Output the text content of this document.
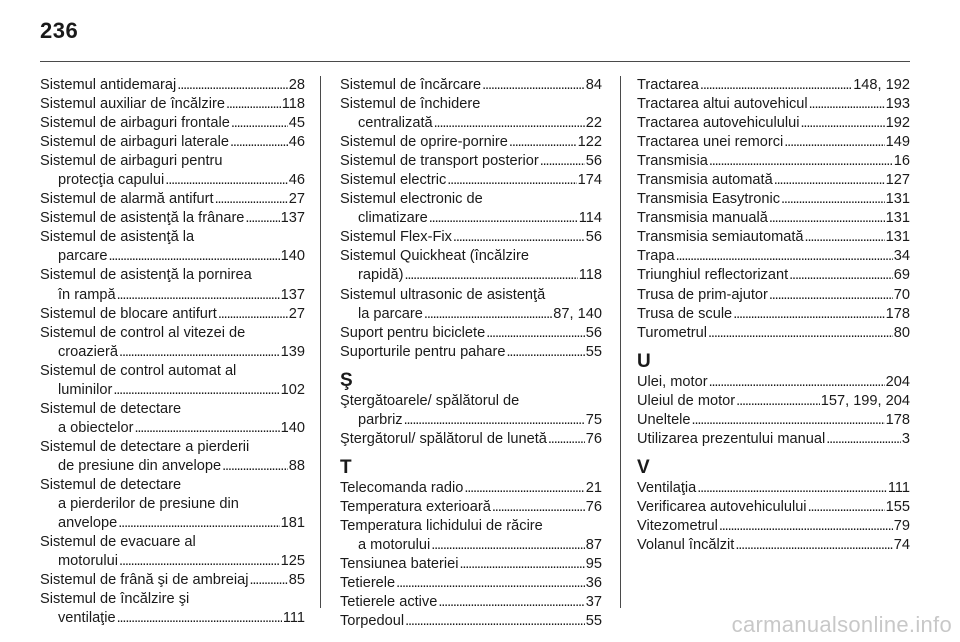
236
Sistemul antidemaraj . . .	28
Sistemul auxiliar de încălzire . . .	118
Sistemul de airbaguri frontale . . .	45
Sistemul de airbaguri laterale . . .	46
Sistemul de airbaguri pentru
protecţia capului . . .	46
Sistemul de alarmă antifurt . . .	27
Sistemul de asistenţă la frânare . . . 137
Sistemul de asistenţă la
parcare . . .	140
Sistemul de asistenţă la pornirea
în rampă . . .	137
Sistemul de blocare antifurt . . .	27
Sistemul de control al vitezei de
croazieră . . .	139
Sistemul de control automat al
luminilor . . .	102
Sistemul de detectare
a obiectelor . . .	140
Sistemul de detectare a pierderii
de presiune din anvelope . . .	88
Sistemul de detectare
a pierderilor de presiune din
anvelope . . .	181
Sistemul de evacuare al
motorului . . .	125
Sistemul de frână şi de ambreiaj . . .	85
Sistemul de încălzire şi
ventilaţie . . .	111
Sistemul de încărcare . . .	84
Sistemul de închidere
centralizată . . .	22
Sistemul de oprire-pornire . . .	122
Sistemul de transport posterior . . .	56
Sistemul electric . . .	174
Sistemul electronic de
climatizare . . .	114
Sistemul Flex-Fix . . .	56
Sistemul Quickheat (încălzire
rapidă) . . .	118
Sistemul ultrasonic de asistenţă
la parcare . . .	87, 140
Suport pentru biciclete . . .	56
Suporturile pentru pahare . . .	55
Ş
Ştergătoarele/ spălătorul de
parbriz . . .	75
Ştergătorul/ spălătorul de lunetă . . .	76
T
Telecomanda radio . . .	21
Temperatura exterioară . . .	76
Temperatura lichidului de răcire
a motorului . . .	87
Tensiunea bateriei . . .	95
Tetierele . . .	36
Tetierele active . . .	37
Torpedoul . . .	55
Tractarea . . .	148, 192
Tractarea altui autovehicul . . .	193
Tractarea autovehiculului . . .	192
Tractarea unei remorci . . .	149
Transmisia . . .	16
Transmisia automată . . .	127
Transmisia Easytronic . . .	131
Transmisia manuală . . .	131
Transmisia semiautomată . . .	131
Trapa . . .	34
Triunghiul reflectorizant . . .	69
Trusa de prim-ajutor . . .	70
Trusa de scule . . .	178
Turometrul . . .	80
U
Ulei, motor . . .	204
Uleiul de motor . . .	157, 199, 204
Uneltele . . .	178
Utilizarea prezentului manual . . .	3
V
Ventilaţia . . .	111
Verificarea autovehiculului . . .	155
Vitezometrul . . .	79
Volanul încălzit . . .	74
carmanualsonline.info
